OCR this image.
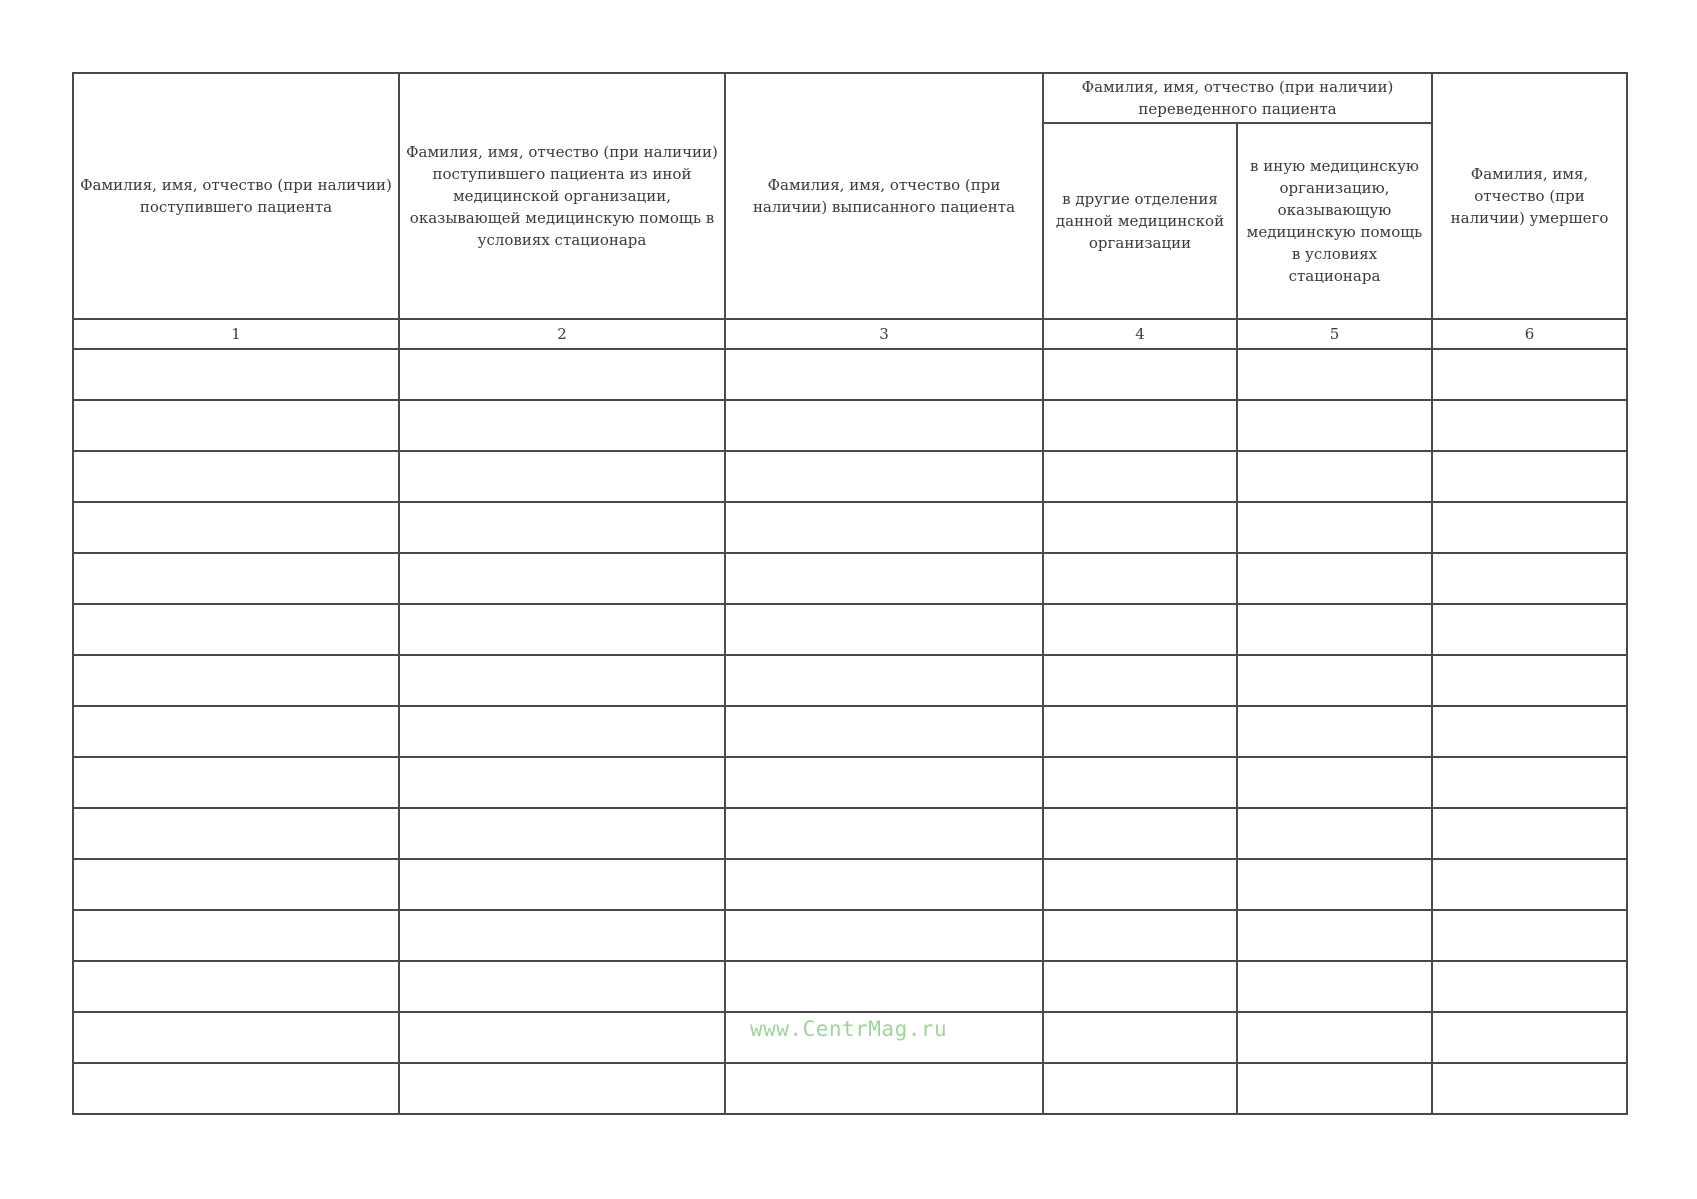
Фамилия, имя, отчество (при наличии) поступившего пациента	Фамилия, имя, отчество (при наличии) поступившего пациента из иной медицинской организации, оказывающей медицинскую помощь в условиях стационара	Фамилия, имя, отчество (при наличии) выписанного пациента	Фамилия, имя, отчество (при наличии) переведенного пациента		Фамилия, имя, отчество (при наличии) умершего
			в другие отделения данной медицинской организации	в иную медицинскую организацию, оказывающую медицинскую помощь в условиях стационара	
1	2	3	4	5	6

www.CentrMag.ru
